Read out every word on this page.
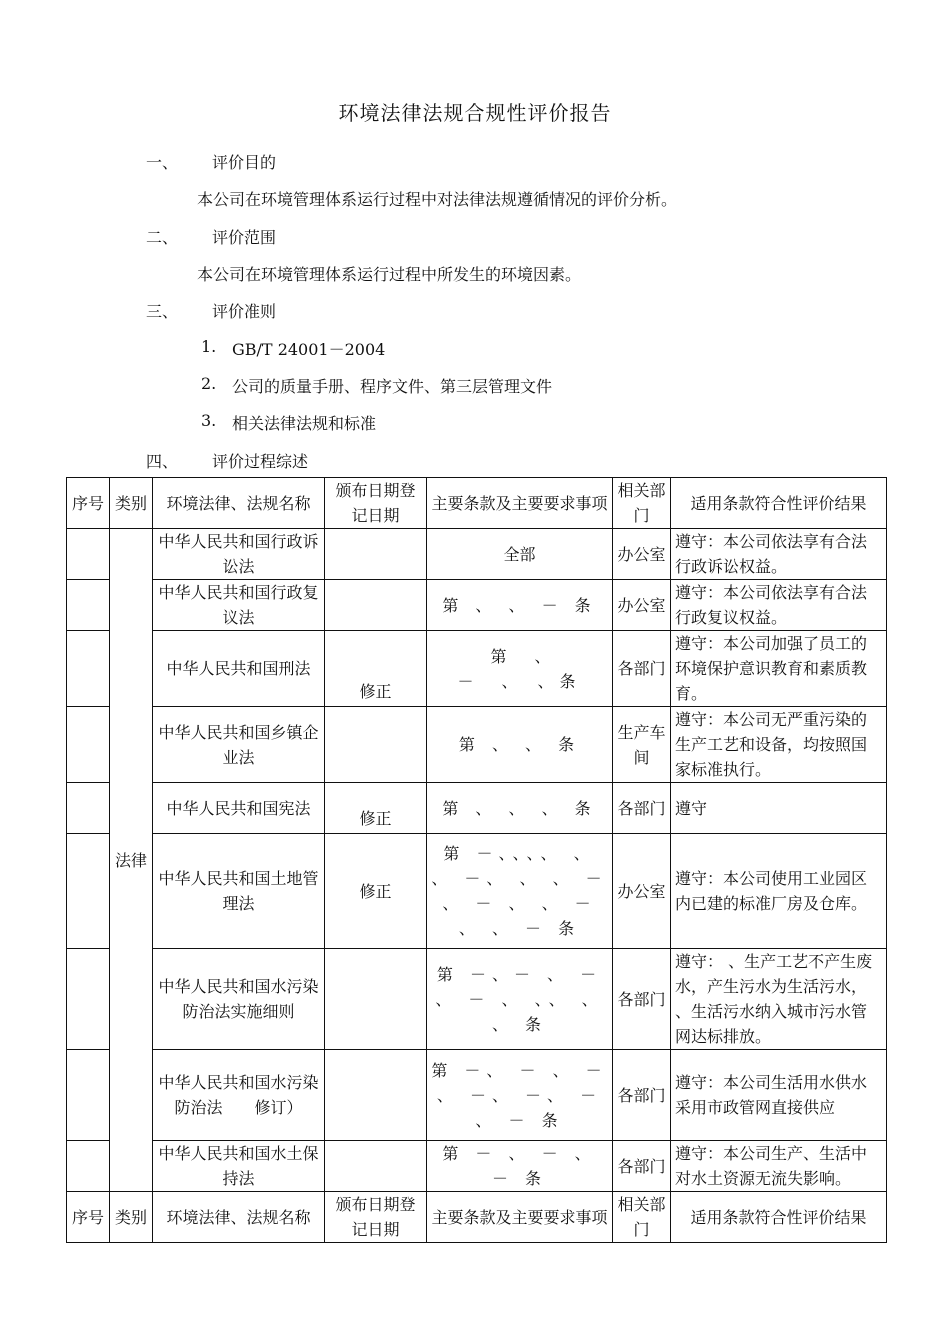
环境法律法规合规性评价报告
一、 评价目的
本公司在环境管理体系运行过程中对法律法规遵循情况的评价分析。
二、 评价范围
本公司在环境管理体系运行过程中所发生的环境因素。
三、 评价准则
1. GB/T 24001－2004
2. 公司的质量手册、程序文件、第三层管理文件
3. 相关法律法规和标准
四、 评价过程综述
序号	类别	环境法律、法规名称	颁布日期登记日期	主要条款及主要要求事项	相关部门	适用条款符合性评价结果
	法律	中华人民共和国行政诉讼法		全部	办公室	遵守：本公司依法享有合法行政诉讼权益。
		中华人民共和国行政复议法		第 、 、 － 条	办公室	遵守：本公司依法享有合法行政复议权益。
		中华人民共和国刑法	修正	第　、　－　、　、条	各部门	遵守：本公司加强了员工的环境保护意识教育和素质教育。
		中华人民共和国乡镇企业法		第 、 、 条	生产车间	遵守：本公司无严重污染的生产工艺和设备，均按照国家标准执行。
		中华人民共和国宪法	修正	第 、 、 、 条	各部门	遵守
		中华人民共和国土地管理法	修正	第 －、、、、 、 、 －、 、 、 － 、 － 、 、 － 、 、 － 条	办公室	遵守：本公司使用工业园区内已建的标准厂房及仓库。
		中华人民共和国水污染防治法实施细则		第 －、－ 、 － 、 － 、 、、 、 、 条	各部门	遵守： 、生产工艺不产生废水，产生污水为生活污水， 、生活污水纳入城市污水管网达标排放。
		中华人民共和国水污染防治法　　修订）		第 －、 － 、 － 、 －、 －、 － 、 － 条	各部门	遵守：本公司生活用水供水采用市政管网直接供应
		中华人民共和国水土保持法		第 － 、 － 、 － 条	各部门	遵守：本公司生产、生活中对水土资源无流失影响。
序号	类别	环境法律、法规名称	颁布日期登记日期	主要条款及主要要求事项	相关部门	适用条款符合性评价结果
